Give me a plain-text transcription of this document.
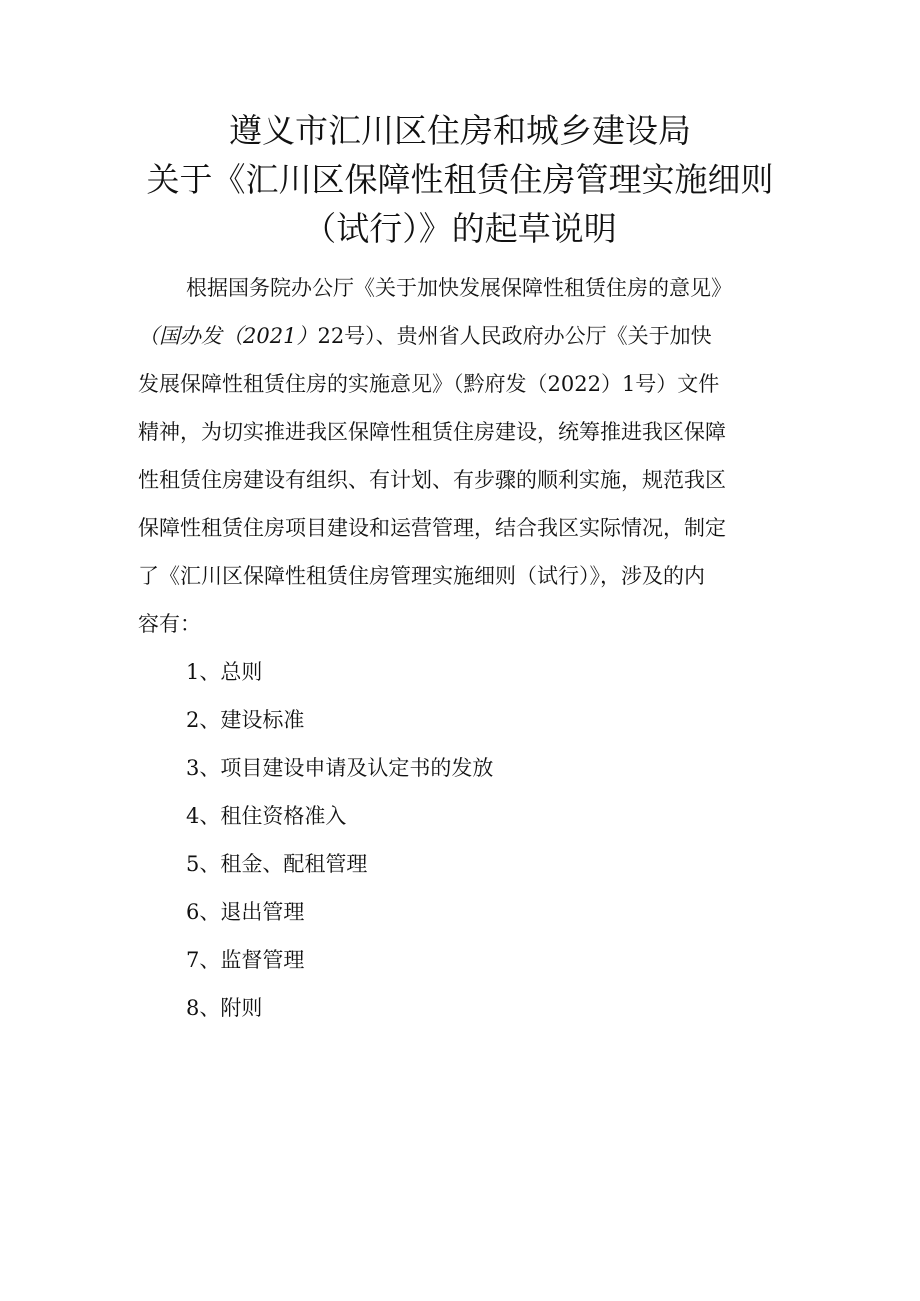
遵义市汇川区住房和城乡建设局
关于《汇川区保障性租赁住房管理实施细则
（试行）》的起草说明
根据国务院办公厅《关于加快发展保障性租赁住房的意见》
（国办发（2021）22号）、贵州省人民政府办公厅《关于加快
发展保障性租赁住房的实施意见》（黔府发（2022）1号）文件
精神，为切实推进我区保障性租赁住房建设，统筹推进我区保障
性租赁住房建设有组织、有计划、有步骤的顺利实施，规范我区
保障性租赁住房项目建设和运营管理，结合我区实际情况，制定
了《汇川区保障性租赁住房管理实施细则（试行）》，涉及的内
容有：
1、总则
2、建设标准
3、项目建设申请及认定书的发放
4、租住资格准入
5、租金、配租管理
6、退出管理
7、监督管理
8、附则
